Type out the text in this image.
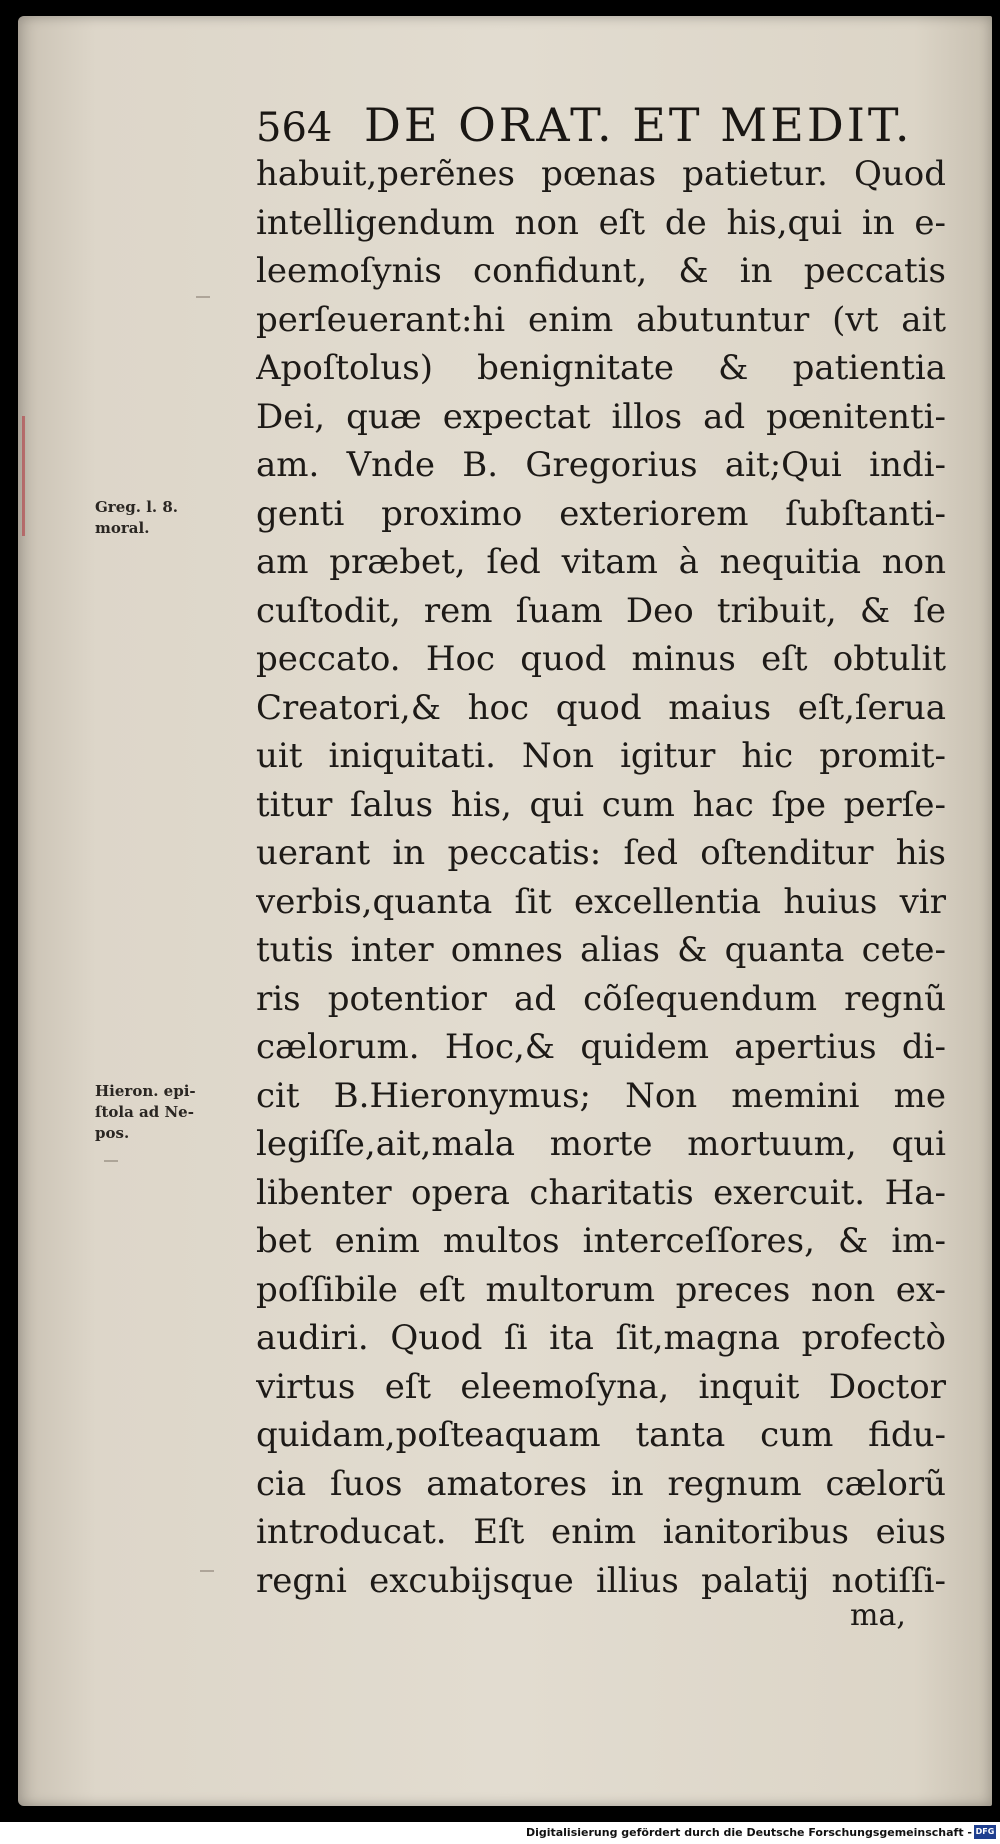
564 DE ORAT. ET MEDIT.
habuit,perẽnes pœnas patietur. Quod
intelligendum non eſt de his,qui in e-
leemoſynis confidunt, & in peccatis
perſeuerant:hi enim abutuntur (vt ait
Apoſtolus) benignitate & patientia
Dei, quæ expectat illos ad pœnitenti-
am. Vnde B. Gregorius ait;Qui indi-
genti proximo exteriorem ſubſtanti-
am præbet, ſed vitam à nequitia non
cuſtodit, rem ſuam Deo tribuit, & ſe
peccato. Hoc quod minus eſt obtulit
Creatori,& hoc quod maius eſt,ſerua
uit iniquitati. Non igitur hic promit-
titur ſalus his, qui cum hac ſpe perſe-
uerant in peccatis: ſed oſtenditur his
verbis,quanta ſit excellentia huius vir
tutis inter omnes alias & quanta cete-
ris potentior ad cõſequendum regnũ
cælorum. Hoc,& quidem apertius di-
cit B.Hieronymus; Non memini me
legiſſe,ait,mala morte mortuum, qui
libenter opera charitatis exercuit. Ha-
bet enim multos interceſſores, & im-
poſſibile eſt multorum preces non ex-
audiri. Quod ſi ita ſit,magna profectò
virtus eſt eleemoſyna, inquit Doctor
quidam,poſteaquam tanta cum fidu-
cia ſuos amatores in regnum cælorũ
introducat. Eſt enim ianitoribus eius
regni excubijsque illius palatij notiſſi-
ma,
Greg. l. 8.
moral.
Hieron. epi-
ſtola ad Ne-
pos.
Digitalisierung gefördert durch die Deutsche Forschungsgemeinschaft - DFG
